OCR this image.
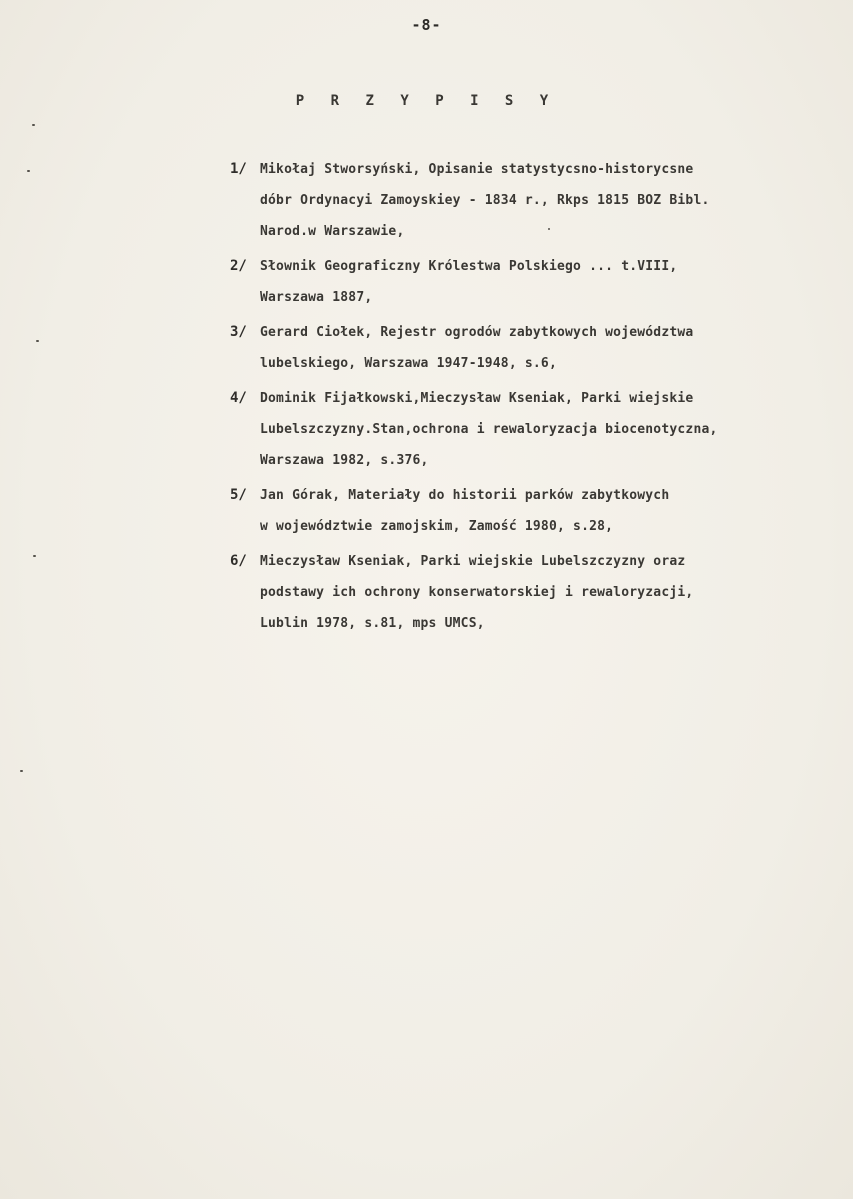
-8-
P R Z Y P I S Y
1/	Mikołaj Stworsyński, Opisanie statystycsno-historycsne
dóbr Ordynacyi Zamoyskiey - 1834 r., Rkps 1815 BOZ Bibl.
Narod.w Warszawie,
2/	Słownik Geograficzny Królestwa Polskiego ... t.VIII,
Warszawa 1887,
3/	Gerard Ciołek, Rejestr ogrodów zabytkowych województwa
lubelskiego, Warszawa 1947-1948, s.6,
4/	Dominik Fijałkowski,Mieczysław Kseniak, Parki wiejskie
Lubelszczyzny.Stan,ochrona i rewaloryzacja biocenotyczna,
Warszawa 1982, s.376,
5/	Jan Górak, Materiały do historii parków zabytkowych
w województwie zamojskim, Zamość 1980, s.28,
6/	Mieczysław Kseniak, Parki wiejskie Lubelszczyzny oraz
podstawy ich ochrony konserwatorskiej i rewaloryzacji,
Lublin 1978, s.81, mps UMCS,
